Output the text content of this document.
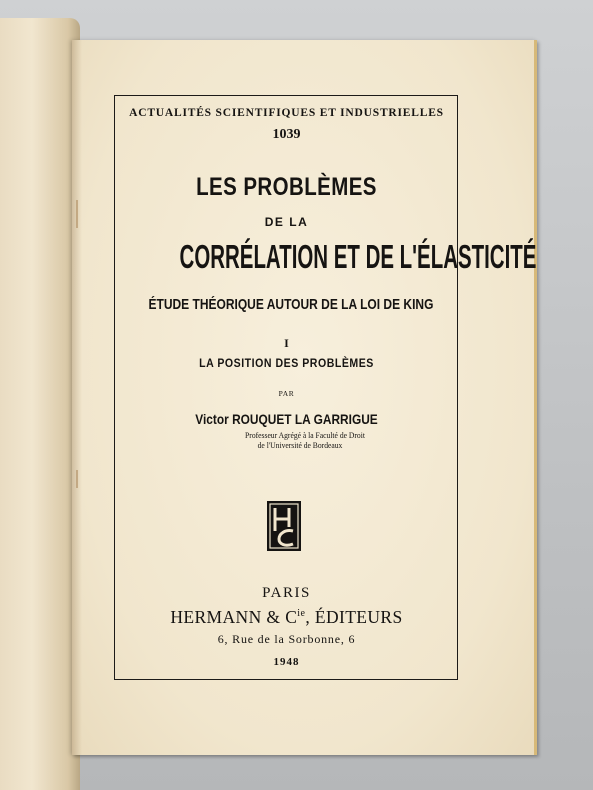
ACTUALITÉS SCIENTIFIQUES ET INDUSTRIELLES
1039
LES PROBLÈMES
DE LA
CORRÉLATION ET DE L'ÉLASTICITÉ
ÉTUDE THÉORIQUE AUTOUR DE LA LOI DE KING
I
LA POSITION DES PROBLÈMES
PAR
Victor ROUQUET LA GARRIGUE
Professeur Agrégé à la Faculté de Droit
de l'Université de Bordeaux
PARIS
HERMANN & $C^{ie}$, ÉDITEURS
6, Rue de la Sorbonne, 6
1948
